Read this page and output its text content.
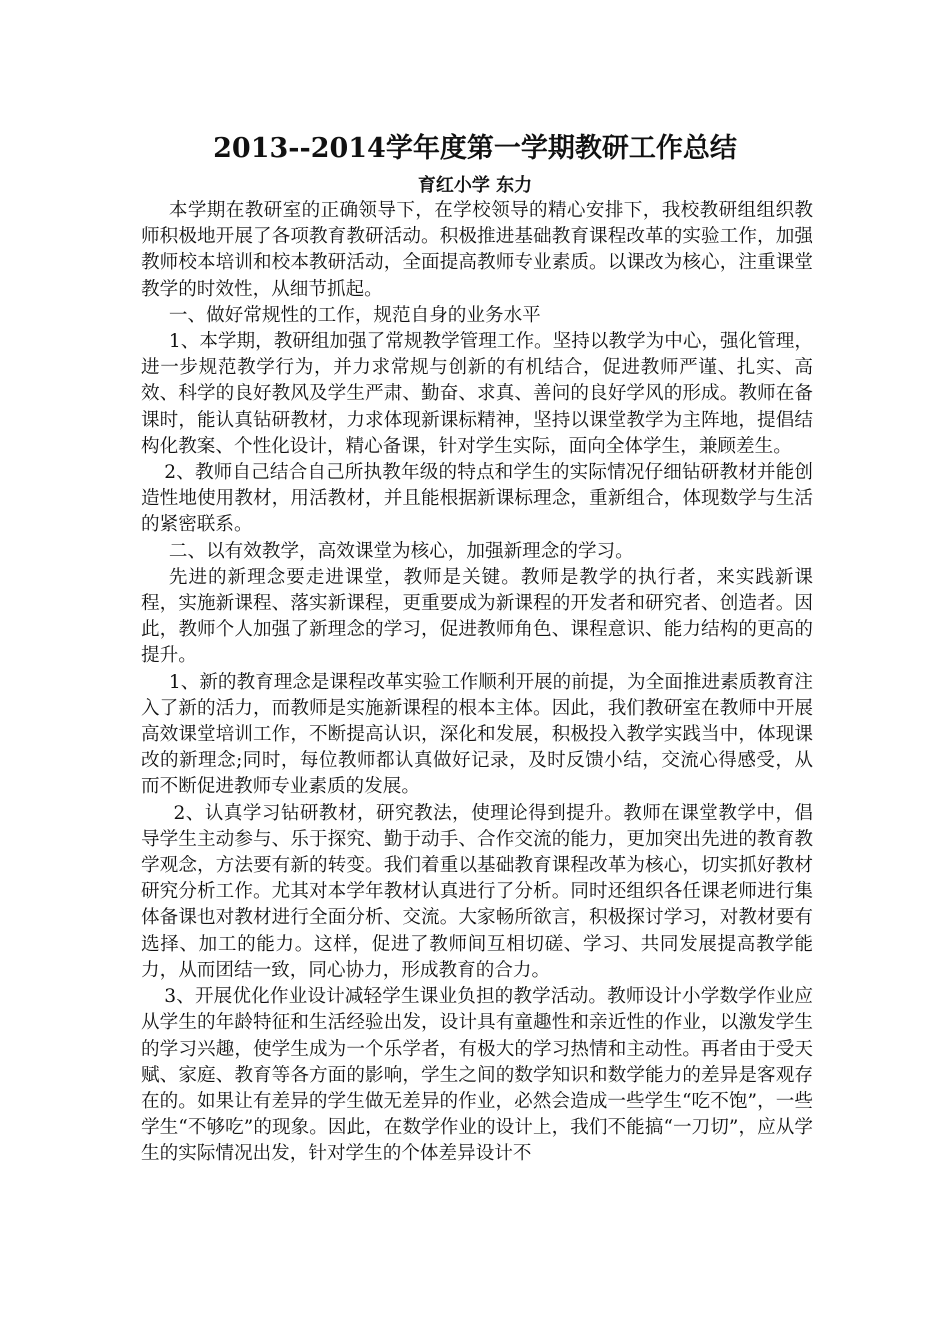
2013--2014学年度第一学期教研工作总结
育红小学 东力

本学期在教研室的正确领导下，在学校领导的精心安排下，我校教研组组织教师积极地开展了各项教育教研活动。积极推进基础教育课程改革的实验工作，加强教师校本培训和校本教研活动，全面提高教师专业素质。以课改为核心，注重课堂教学的时效性，从细节抓起。

一、做好常规性的工作，规范自身的业务水平

1、本学期，教研组加强了常规教学管理工作。坚持以教学为中心，强化管理，进一步规范教学行为，并力求常规与创新的有机结合，促进教师严谨、扎实、高效、科学的良好教风及学生严肃、勤奋、求真、善问的良好学风的形成。教师在备课时，能认真钻研教材，力求体现新课标精神，坚持以课堂教学为主阵地，提倡结构化教案、个性化设计，精心备课，针对学生实际，面向全体学生，兼顾差生。

2、教师自己结合自己所执教年级的特点和学生的实际情况仔细钻研教材并能创造性地使用教材，用活教材，并且能根据新课标理念，重新组合，体现数学与生活的紧密联系。

二、以有效教学，高效课堂为核心，加强新理念的学习。

先进的新理念要走进课堂，教师是关键。教师是教学的执行者，来实践新课程，实施新课程、落实新课程，更重要成为新课程的开发者和研究者、创造者。因此，教师个人加强了新理念的学习，促进教师角色、课程意识、能力结构的更高的提升。

1、新的教育理念是课程改革实验工作顺利开展的前提，为全面推进素质教育注入了新的活力，而教师是实施新课程的根本主体。因此，我们教研室在教师中开展高效课堂培训工作，不断提高认识，深化和发展，积极投入教学实践当中，体现课改的新理念;同时，每位教师都认真做好记录，及时反馈小结，交流心得感受，从而不断促进教师专业素质的发展。

2、认真学习钻研教材，研究教法，使理论得到提升。教师在课堂教学中，倡导学生主动参与、乐于探究、勤于动手、合作交流的能力，更加突出先进的教育教学观念，方法要有新的转变。我们着重以基础教育课程改革为核心，切实抓好教材研究分析工作。尤其对本学年教材认真进行了分析。同时还组织各任课老师进行集体备课也对教材进行全面分析、交流。大家畅所欲言，积极探讨学习，对教材要有选择、加工的能力。这样，促进了教师间互相切磋、学习、共同发展提高教学能力，从而团结一致，同心协力，形成教育的合力。

3、开展优化作业设计减轻学生课业负担的教学活动。教师设计小学数学作业应从学生的年龄特征和生活经验出发，设计具有童趣性和亲近性的作业，以激发学生的学习兴趣，使学生成为一个乐学者，有极大的学习热情和主动性。再者由于受天赋、家庭、教育等各方面的影响，学生之间的数学知识和数学能力的差异是客观存在的。如果让有差异的学生做无差异的作业，必然会造成一些学生“吃不饱”，一些学生“不够吃”的现象。因此，在数学作业的设计上，我们不能搞“一刀切”，应从学生的实际情况出发，针对学生的个体差异设计不
